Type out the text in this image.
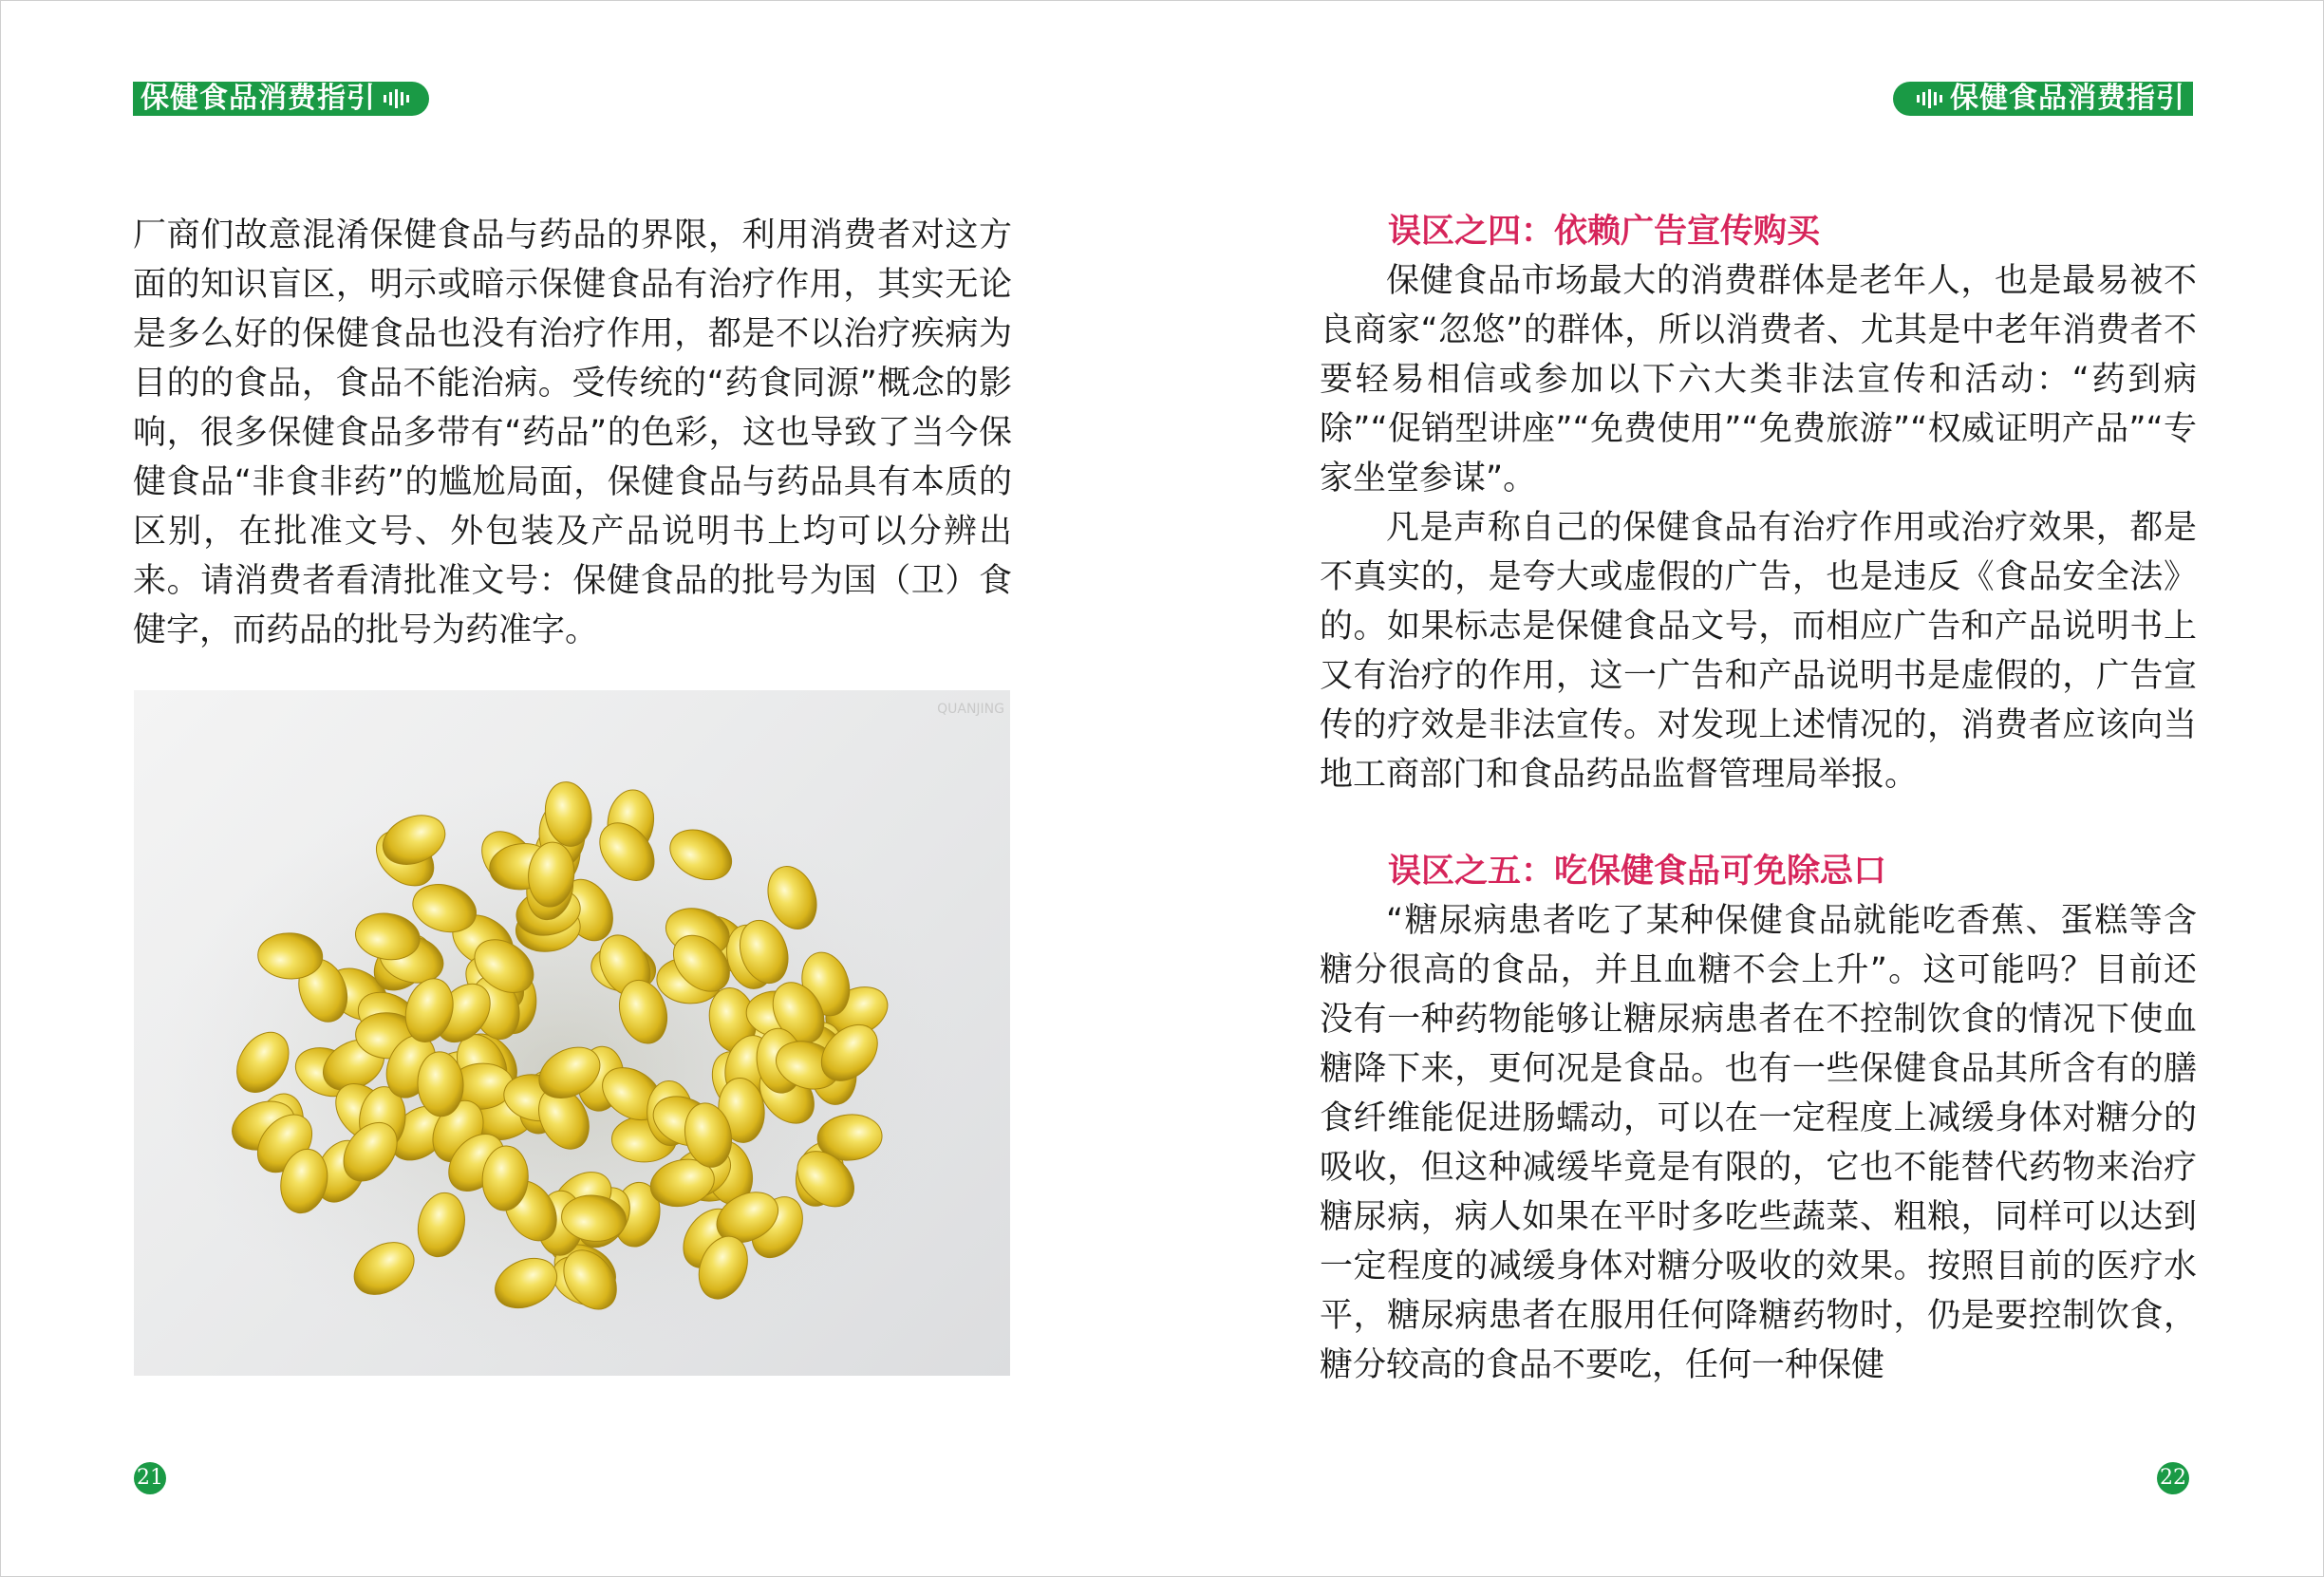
保健食品消费指引	保健食品消费指引

厂商们故意混淆保健食品与药品的界限，利用消费者对这方面的知识盲区，明示或暗示保健食品有治疗作用，其实无论是多么好的保健食品也没有治疗作用，都是不以治疗疾病为目的的食品，食品不能治病。受传统的“药食同源”概念的影响，很多保健食品多带有“药品”的色彩，这也导致了当今保健食品“非食非药”的尴尬局面，保健食品与药品具有本质的区别，在批准文号、外包装及产品说明书上均可以分辨出来。请消费者看清批准文号：保健食品的批号为国（卫）食健字，而药品的批号为药准字。

QUANJING

误区之四：依赖广告宣传购买

保健食品市场最大的消费群体是老年人，也是最易被不良商家“忽悠”的群体，所以消费者、尤其是中老年消费者不要轻易相信或参加以下六大类非法宣传和活动：“药到病除”“促销型讲座”“免费使用”“免费旅游”“权威证明产品”“专家坐堂参谋”。

凡是声称自己的保健食品有治疗作用或治疗效果，都是不真实的，是夸大或虚假的广告，也是违反《食品安全法》的。如果标志是保健食品文号，而相应广告和产品说明书上又有治疗的作用，这一广告和产品说明书是虚假的，广告宣传的疗效是非法宣传。对发现上述情况的，消费者应该向当地工商部门和食品药品监督管理局举报。

误区之五：吃保健食品可免除忌口

“糖尿病患者吃了某种保健食品就能吃香蕉、蛋糕等含糖分很高的食品，并且血糖不会上升”。这可能吗？目前还没有一种药物能够让糖尿病患者在不控制饮食的情况下使血糖降下来，更何况是食品。也有一些保健食品其所含有的膳食纤维能促进肠蠕动，可以在一定程度上减缓身体对糖分的吸收，但这种减缓毕竟是有限的，它也不能替代药物来治疗糖尿病，病人如果在平时多吃些蔬菜、粗粮，同样可以达到一定程度的减缓身体对糖分吸收的效果。按照目前的医疗水平，糖尿病患者在服用任何降糖药物时，仍是要控制饮食，糖分较高的食品不要吃，任何一种保健

21	22
